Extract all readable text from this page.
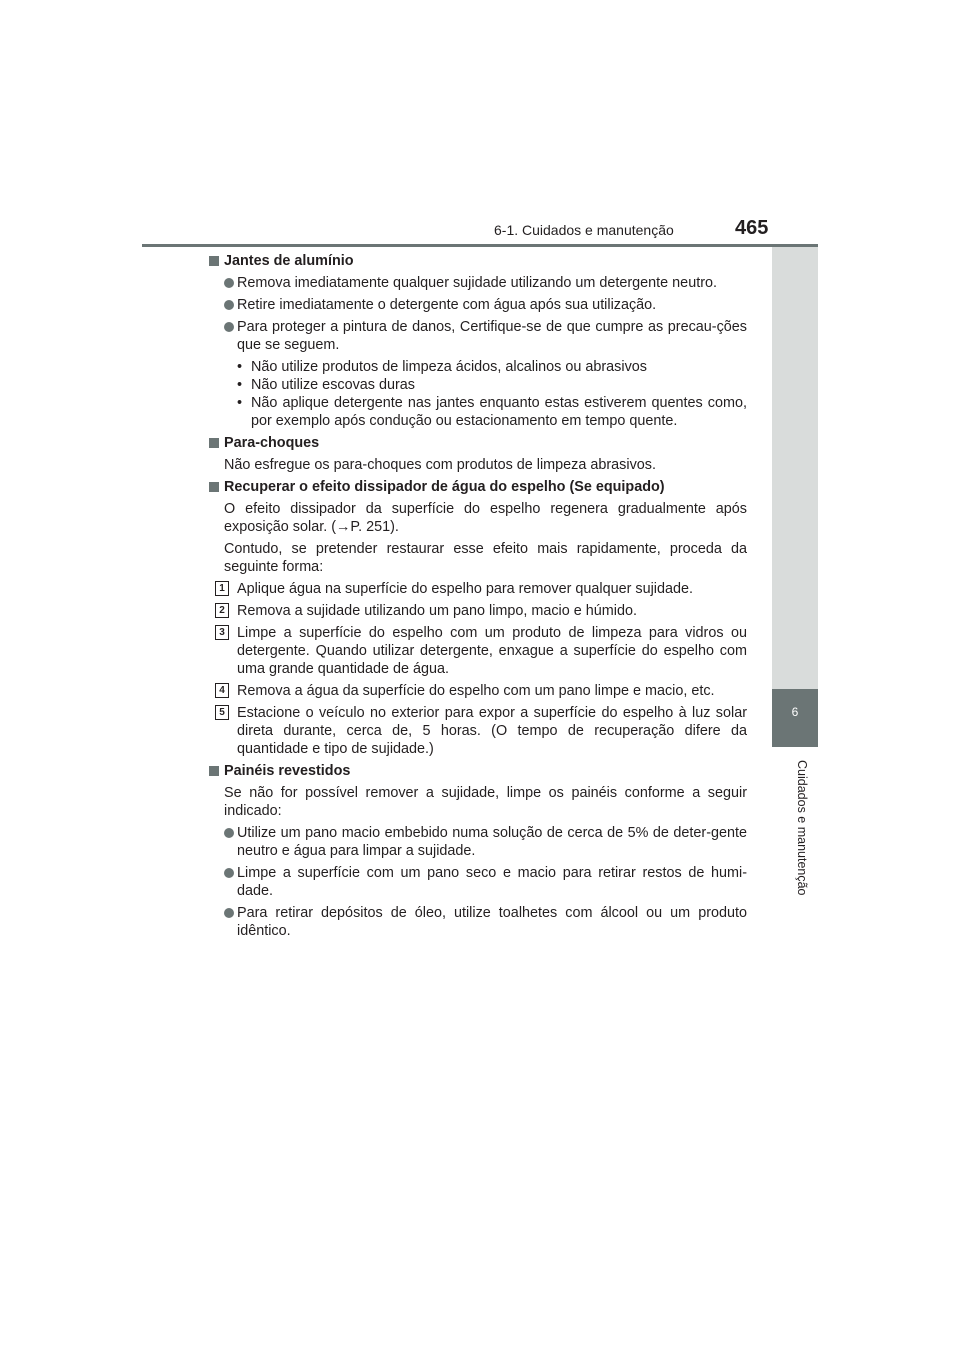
6-1. Cuidados e manutenção	465
6
Cuidados e manutenção
Jantes de alumínio
Remova imediatamente qualquer sujidade utilizando um detergente neutro.
Retire imediatamente o detergente com água após sua utilização.
Para proteger a pintura de danos, Certifique-se de que cumpre as precau-ções que se seguem.
• Não utilize produtos de limpeza ácidos, alcalinos ou abrasivos
• Não utilize escovas duras
• Não aplique detergente nas jantes enquanto estas estiverem quentes como, por exemplo após condução ou estacionamento em tempo quente.
Para-choques
Não esfregue os para-choques com produtos de limpeza abrasivos.
Recuperar o efeito dissipador de água do espelho (Se equipado)
O efeito dissipador da superfície do espelho regenera gradualmente após exposição solar. (→P. 251).
Contudo, se pretender restaurar esse efeito mais rapidamente, proceda da seguinte forma:
1 Aplique água na superfície do espelho para remover qualquer sujidade.
2 Remova a sujidade utilizando um pano limpo, macio e húmido.
3 Limpe a superfície do espelho com um produto de limpeza para vidros ou detergente. Quando utilizar detergente, enxague a superfície do espelho com uma grande quantidade de água.
4 Remova a água da superfície do espelho com um pano limpe e macio, etc.
5 Estacione o veículo no exterior para expor a superfície do espelho à luz solar direta durante, cerca de, 5 horas. (O tempo de recuperação difere da quantidade e tipo de sujidade.)
Painéis revestidos
Se não for possível remover a sujidade, limpe os painéis conforme a seguir indicado:
Utilize um pano macio embebido numa solução de cerca de 5% de deter-gente neutro e água para limpar a sujidade.
Limpe a superfície com um pano seco e macio para retirar restos de humi-dade.
Para retirar depósitos de óleo, utilize toalhetes com álcool ou um produto idêntico.
